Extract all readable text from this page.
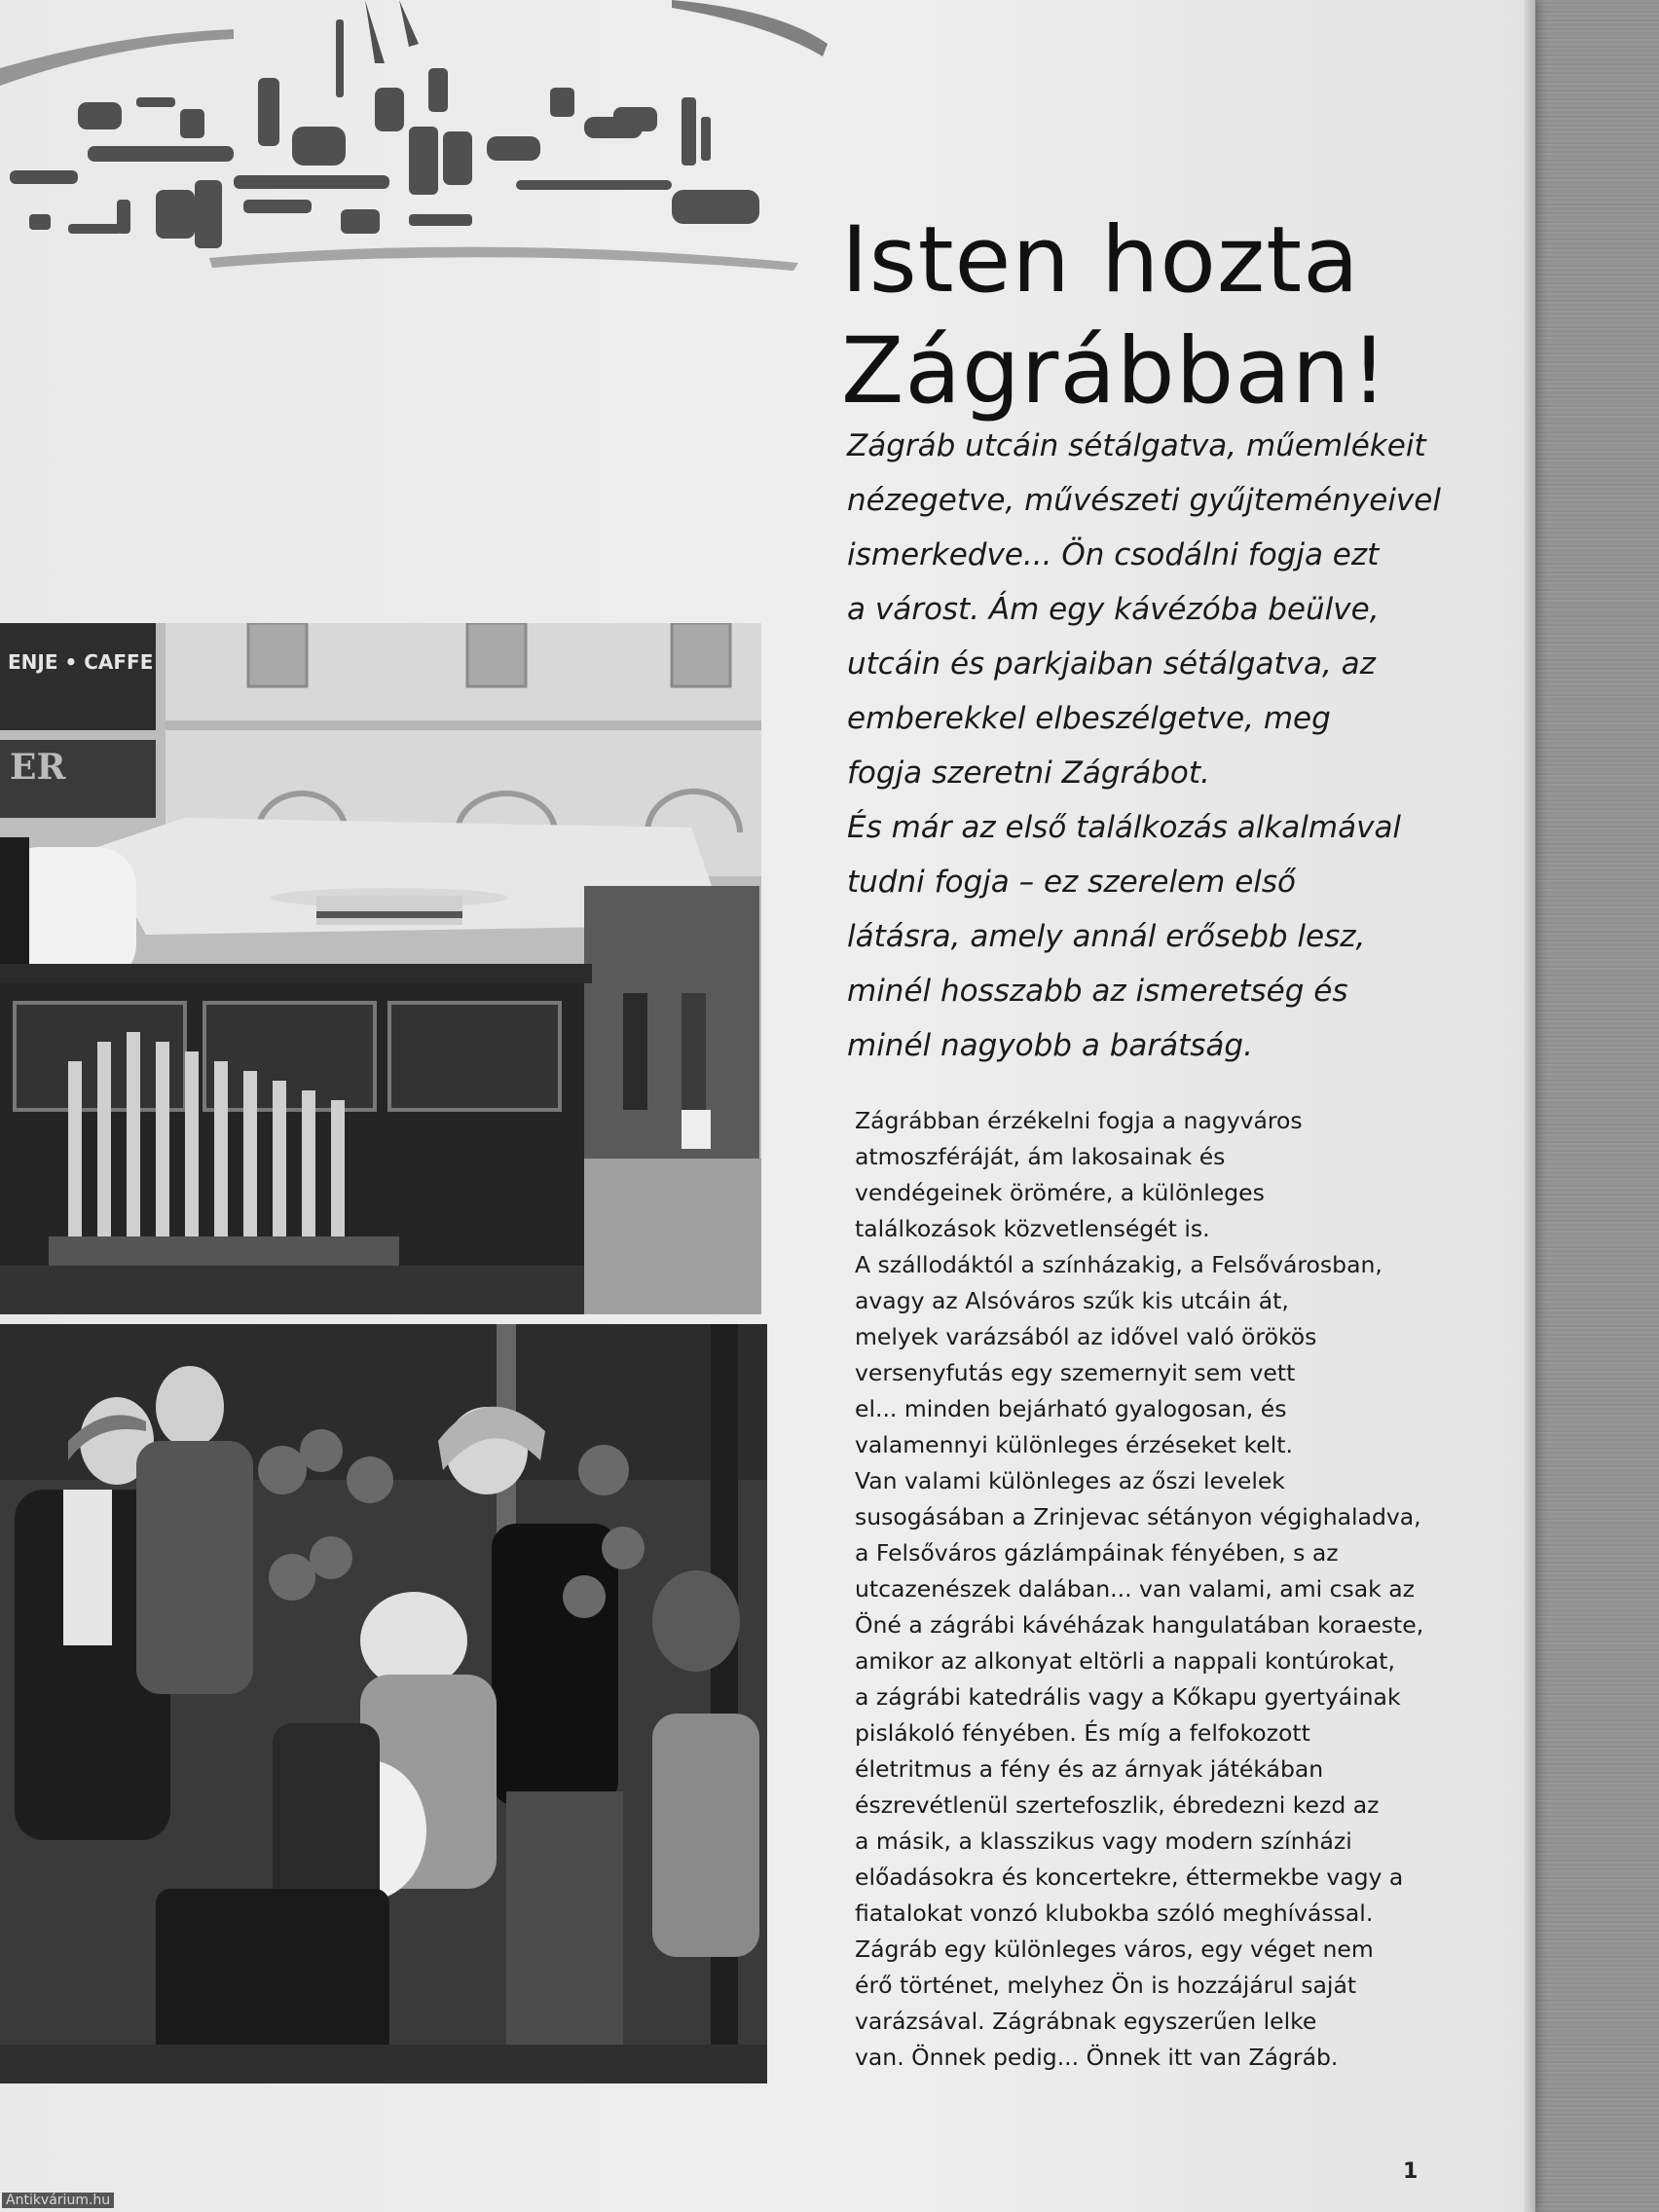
Isten hozta
Zágrábban!
Zágráb utcáin sétálgatva, műemlékeit
nézegetve, művészeti gyűjteményeivel
ismerkedve... Ön csodálni fogja ezt
a várost. Ám egy kávézóba beülve,
utcáin és parkjaiban sétálgatva, az
emberekkel elbeszélgetve, meg
fogja szeretni Zágrábot.
És már az első találkozás alkalmával
tudni fogja – ez szerelem első
látásra, amely annál erősebb lesz,
minél hosszabb az ismeretség és
minél nagyobb a barátság.
Zágrábban érzékelni fogja a nagyváros
atmoszféráját, ám lakosainak és
vendégeinek örömére, a különleges
találkozások közvetlenségét is.
A szállodáktól a színházakig, a Felsővárosban,
avagy az Alsóváros szűk kis utcáin át,
melyek varázsából az idővel való örökös
versenyfutás egy szemernyit sem vett
el... minden bejárható gyalogosan, és
valamennyi különleges érzéseket kelt.
Van valami különleges az őszi levelek
susogásában a Zrinjevac sétányon végighaladva,
a Felsőváros gázlámpáinak fényében, s az
utcazenészek dalában... van valami, ami csak az
Öné a zágrábi kávéházak hangulatában koraeste,
amikor az alkonyat eltörli a nappali kontúrokat,
a zágrábi katedrális vagy a Kőkapu gyertyáinak
pislákoló fényében. És míg a felfokozott
életritmus a fény és az árnyak játékában
észrevétlenül szertefoszlik, ébredezni kezd az
a másik, a klasszikus vagy modern színházi
előadásokra és koncertekre, éttermekbe vagy a
fiatalokat vonzó klubokba szóló meghívással.
Zágráb egy különleges város, egy véget nem
érő történet, melyhez Ön is hozzájárul saját
varázsával. Zágrábnak egyszerűen lelke
van. Önnek pedig... Önnek itt van Zágráb.
ENJE • CAFFE
ER
1
Antikvárium.hu
